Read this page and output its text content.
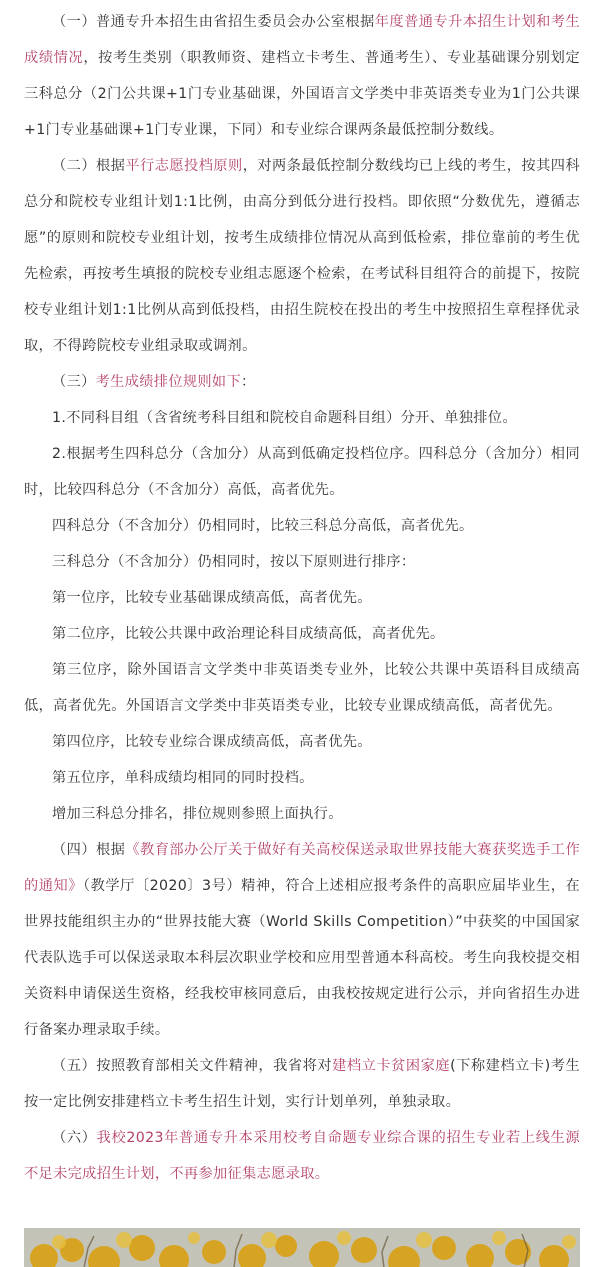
（一）普通专升本招生由省招生委员会办公室根据年度普通专升本招生计划和考生成绩情况，按考生类别（职教师资、建档立卡考生、普通考生）、专业基础课分别划定三科总分（2门公共课+1门专业基础课，外国语言文学类中非英语类专业为1门公共课+1门专业基础课+1门专业课，下同）和专业综合课两条最低控制分数线。

（二）根据平行志愿投档原则，对两条最低控制分数线均已上线的考生，按其四科总分和院校专业组计划1:1比例，由高分到低分进行投档。即依照“分数优先，遵循志愿”的原则和院校专业组计划，按考生成绩排位情况从高到低检索，排位靠前的考生优先检索，再按考生填报的院校专业组志愿逐个检索，在考试科目组符合的前提下，按院校专业组计划1:1比例从高到低投档，由招生院校在投出的考生中按照招生章程择优录取，不得跨院校专业组录取或调剂。

（三）考生成绩排位规则如下：

1.不同科目组（含省统考科目组和院校自命题科目组）分开、单独排位。

2.根据考生四科总分（含加分）从高到低确定投档位序。四科总分（含加分）相同时，比较四科总分（不含加分）高低，高者优先。

四科总分（不含加分）仍相同时，比较三科总分高低，高者优先。

三科总分（不含加分）仍相同时，按以下原则进行排序：

第一位序，比较专业基础课成绩高低，高者优先。

第二位序，比较公共课中政治理论科目成绩高低，高者优先。

第三位序，除外国语言文学类中非英语类专业外，比较公共课中英语科目成绩高低，高者优先。外国语言文学类中非英语类专业，比较专业课成绩高低，高者优先。

第四位序，比较专业综合课成绩高低，高者优先。

第五位序，单科成绩均相同的同时投档。

增加三科总分排名，排位规则参照上面执行。

（四）根据《教育部办公厅关于做好有关高校保送录取世界技能大赛获奖选手工作的通知》（教学厅〔2020〕3号）精神，符合上述相应报考条件的高职应届毕业生，在世界技能组织主办的“世界技能大赛（World Skills Competition）”中获奖的中国国家代表队选手可以保送录取本科层次职业学校和应用型普通本科高校。考生向我校提交相关资料申请保送生资格，经我校审核同意后，由我校按规定进行公示，并向省招生办进行备案办理录取手续。

（五）按照教育部相关文件精神，我省将对建档立卡贫困家庭(下称建档立卡)考生按一定比例安排建档立卡考生招生计划，实行计划单列，单独录取。

（六）我校2023年普通专升本采用校考自命题专业综合课的招生专业若上线生源不足未完成招生计划，不再参加征集志愿录取。
